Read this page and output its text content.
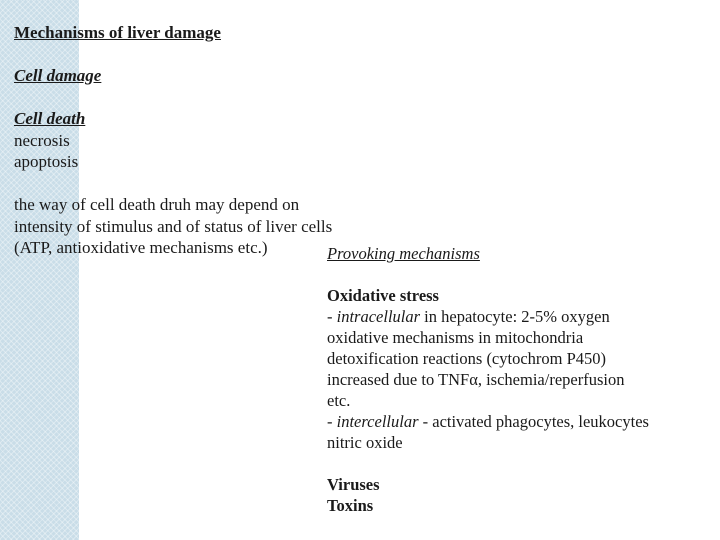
Mechanisms of liver damage
Cell damage
Cell death
necrosis
apoptosis
the way of cell death druh may depend on
intensity of stimulus and of status of liver cells
(ATP, antioxidative mechanisms etc.)	Provoking mechanisms
Oxidative stress
- intracellular in hepatocyte: 2-5% oxygen
oxidative mechanisms in mitochondria
detoxification reactions (cytochrom P450)
increased due to TNFα, ischemia/reperfusion
etc.
- intercellular - activated phagocytes, leukocytes
nitric oxide
Viruses
Toxins
